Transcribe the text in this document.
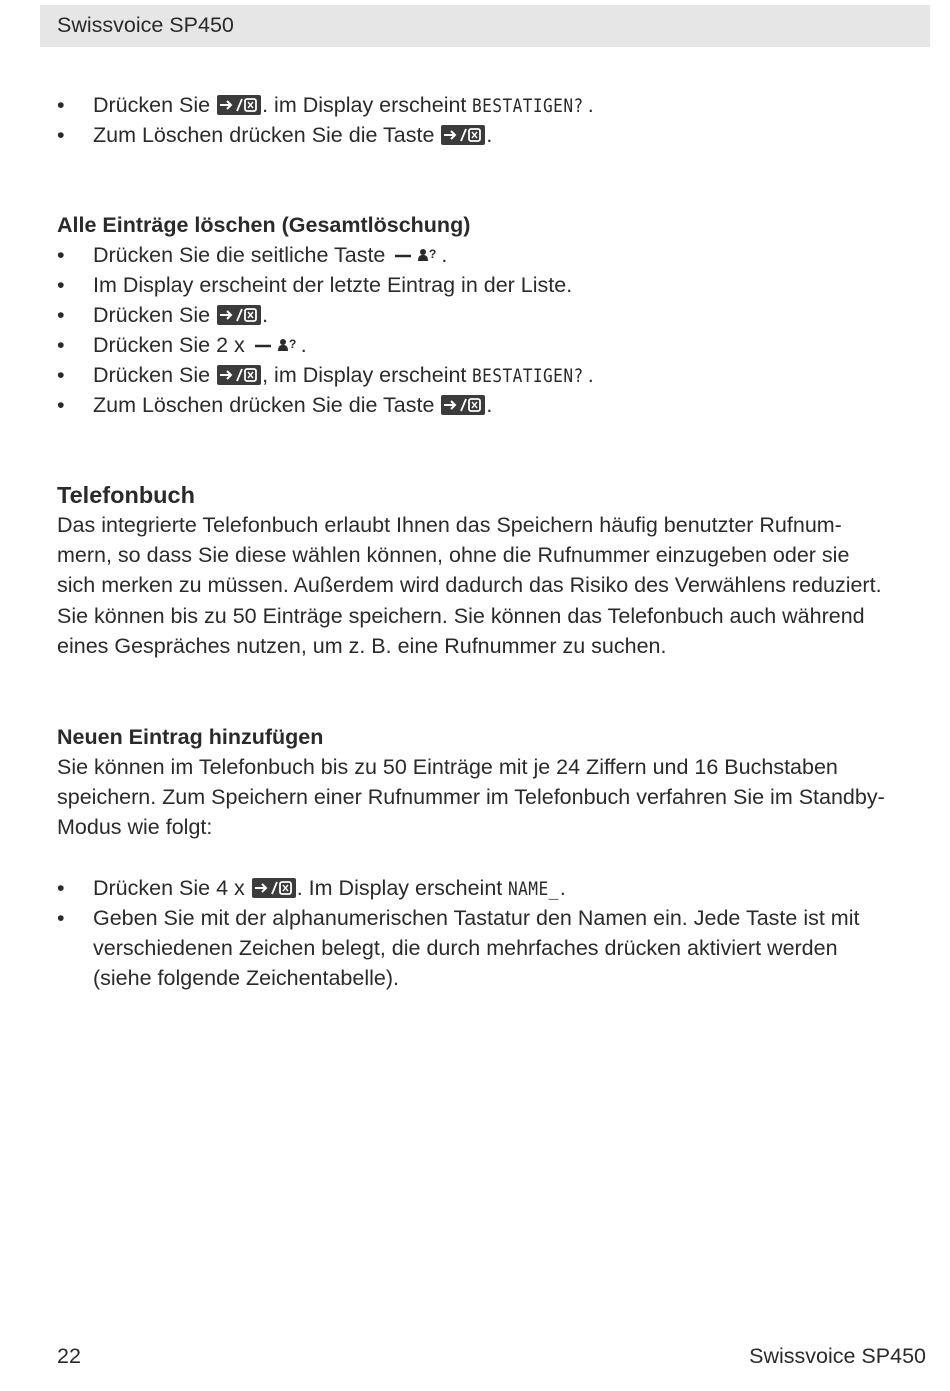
Swissvoice SP450
•	Drücken Sie
. im Display erscheint BESTATIGEN? .
•	Zum Löschen drücken Sie die Taste
.
Alle Einträge löschen (Gesamtlöschung)
•	Drücken Sie die seitliche Taste	? .
•	Im Display erscheint der letzte Eintrag in der Liste.
•	Drücken Sie
.
•	Drücken Sie 2 x	? .
•	Drücken Sie
, im Display erscheint BESTATIGEN? .
•	Zum Löschen drücken Sie die Taste
.
Telefonbuch
Das integrierte Telefonbuch erlaubt Ihnen das Speichern häufig benutzter Rufnum-
mern, so dass Sie diese wählen können, ohne die Rufnummer einzugeben oder sie
sich merken zu müssen. Außerdem wird dadurch das Risiko des Verwählens reduziert.
Sie können bis zu 50 Einträge speichern. Sie können das Telefonbuch auch während
eines Gespräches nutzen, um z. B. eine Rufnummer zu suchen.
Neuen Eintrag hinzufügen
Sie können im Telefonbuch bis zu 50 Einträge mit je 24 Ziffern und 16 Buchstaben
speichern. Zum Speichern einer Rufnummer im Telefonbuch verfahren Sie im Standby-
Modus wie folgt:
•	Drücken Sie 4 x
. Im Display erscheint NAME_.
•	Geben Sie mit der alphanumerischen Tastatur den Namen ein. Jede Taste ist mit
verschiedenen Zeichen belegt, die durch mehrfaches drücken aktiviert werden
(siehe folgende Zeichentabelle).
22	Swissvoice SP450
